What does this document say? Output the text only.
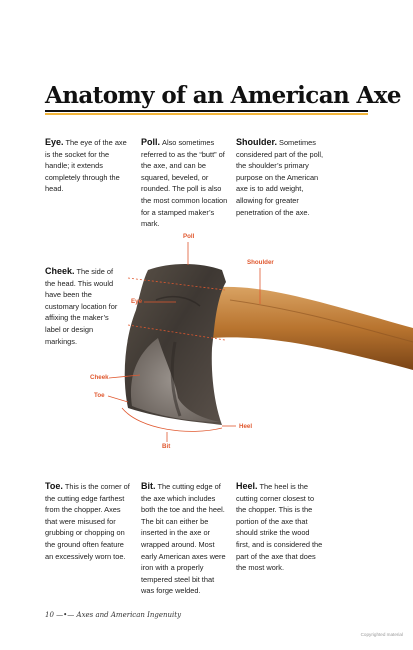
Anatomy of an American Axe
Eye. The eye of the axe is the socket for the handle; it extends completely through the head.
Poll. Also sometimes referred to as the “butt” of the axe, and can be squared, beveled, or rounded. The poll is also the most common location for a stamped maker’s mark.
Shoulder. Sometimes considered part of the poll, the shoulder’s primary purpose on the American axe is to add weight, allowing for greater penetration of the axe.
Cheek. The side of the head. This would have been the customary location for affixing the maker’s label or design markings.
Poll
Shoulder
Eye
Cheek
Toe
Heel
Bit
Toe. This is the corner of the cutting edge farthest from the chopper. Axes that were misused for grubbing or chopping on the ground often feature an excessively worn toe.
Bit. The cutting edge of the axe which includes both the toe and the heel. The bit can either be inserted in the axe or wrapped around. Most early American axes were iron with a properly tempered steel bit that was forge welded.
Heel. The heel is the cutting corner closest to the chopper. This is the portion of the axe that should strike the wood first, and is considered the part of the axe that does the most work.
10 —•— Axes and American Ingenuity
Copyrighted material
